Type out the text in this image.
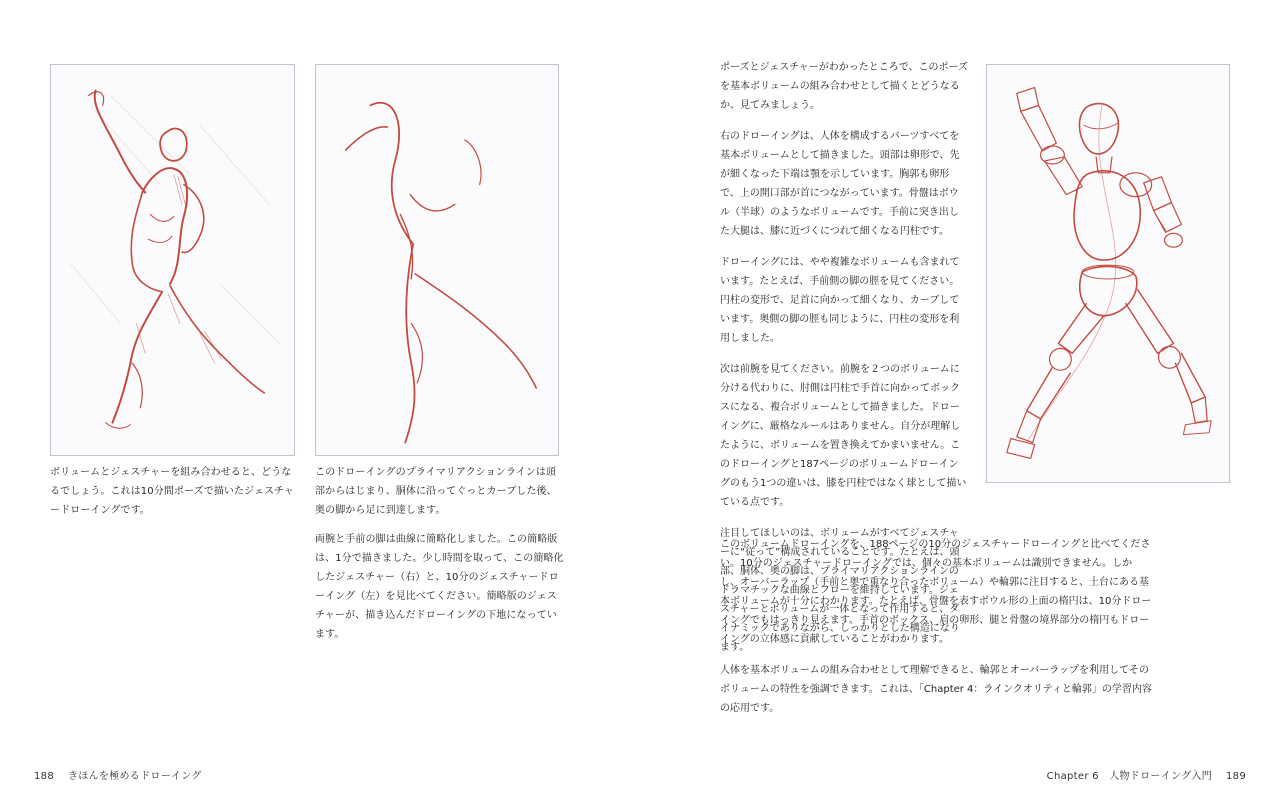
ボリュームとジェスチャーを組み合わせると、どうなるでしょう。これは10分間ポーズで描いたジェスチャードローイングです。

このドローイングのプライマリアクションラインは頭部からはじまり、胴体に沿ってぐっとカーブした後、奥の脚から足に到達します。

両腕と手前の脚は曲線に簡略化しました。この簡略版は、1分で描きました。少し時間を取って、この簡略化したジェスチャー（右）と、10分のジェスチャードローイング（左）を見比べてください。簡略版のジェスチャーが、描き込んだドローイングの下地になっています。

ポーズとジェスチャーがわかったところで、このポーズを基本ボリュームの組み合わせとして描くとどうなるか、見てみましょう。

右のドローイングは、人体を構成するパーツすべてを基本ボリュームとして描きました。頭部は卵形で、先が細くなった下端は顎を示しています。胸郭も卵形で、上の開口部が首につながっています。骨盤はボウル（半球）のようなボリュームです。手前に突き出した大腿は、膝に近づくにつれて細くなる円柱です。

ドローイングには、やや複雑なボリュームも含まれています。たとえば、手前側の脚の脛を見てください。円柱の変形で、足首に向かって細くなり、カーブしています。奥側の脚の脛も同じように、円柱の変形を利用しました。

次は前腕を見てください。前腕を２つのボリュームに分ける代わりに、肘側は円柱で手首に向かってボックスになる、複合ボリュームとして描きました。ドローイングに、厳格なルールはありません。自分が理解したように、ボリュームを置き換えてかまいません。このドローイングと187ページのボリュームドローイングのもう1つの違いは、膝を円柱ではなく球として描いている点です。

注目してほしいのは、ボリュームがすべてジェスチャーに“従って”構成されていることです。たとえば、頭部、胴体、奥の脚は、プライマリアクションラインのドラマチックな曲線とフローを維持しています。ジェスチャーとボリュームが一体となって作用すると、ダイナミックでありながら、しっかりとした構造になります。

このボリュームドローイングを、188ページの10分のジェスチャードローイングと比べてください。10分のジェスチャードローイングでは、個々の基本ボリュームは識別できません。しかし、オーバーラップ（手前と奥で重なり合ったボリューム）や輪郭に注目すると、土台にある基本ボリュームが十分にわかります。たとえば、骨盤を表すボウル形の上面の楕円は、10分ドローイングでもはっきり見えます。手首のボックス、肩の卵形、腿と骨盤の境界部分の楕円もドローイングの立体感に貢献していることがわかります。

人体を基本ボリュームの組み合わせとして理解できると、輪郭とオーバーラップを利用してそのボリュームの特性を強調できます。これは、「Chapter 4：ラインクオリティと輪郭」の学習内容の応用です。

188 きほんを極めるドローイング	Chapter 6　人物ドローイング入門 189
